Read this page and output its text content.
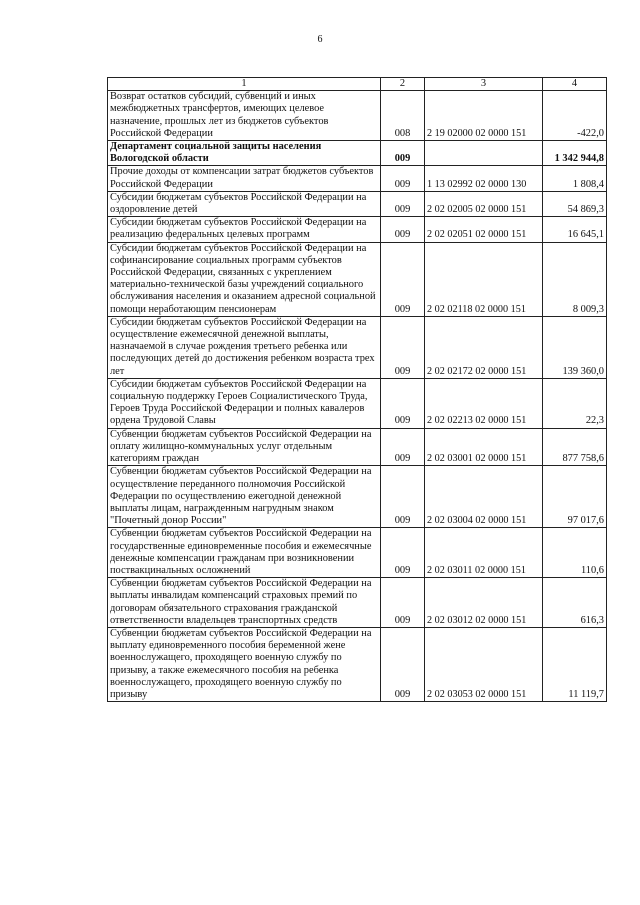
6
1	2	3	4
Возврат остатков субсидий, субвенций и иных межбюджетных трансфертов, имеющих целевое назначение, прошлых лет из бюджетов субъектов Российской Федерации	008	2 19 02000 02 0000 151	-422,0
Департамент социальной защиты населения Вологодской области	009		1 342 944,8
Прочие доходы от компенсации затрат бюджетов субъектов Российской Федерации	009	1 13 02992 02 0000 130	1 808,4
Субсидии бюджетам субъектов Российской Федерации на оздоровление детей	009	2 02 02005 02 0000 151	54 869,3
Субсидии бюджетам субъектов Российской Федерации на реализацию федеральных целевых программ	009	2 02 02051 02 0000 151	16 645,1
Субсидии бюджетам субъектов Российской Федерации на софинансирование социальных программ субъектов Российской Федерации, связанных с укреплением материально-технической базы учреждений социального обслуживания населения и оказанием адресной социальной помощи неработающим пенсионерам	009	2 02 02118 02 0000 151	8 009,3
Субсидии бюджетам субъектов Российской Федерации на осуществление ежемесячной денежной выплаты, назначаемой в случае рождения третьего ребенка или последующих детей до достижения ребенком возраста трех лет	009	2 02 02172 02 0000 151	139 360,0
Субсидии бюджетам субъектов Российской Федерации на социальную поддержку Героев Социалистического Труда, Героев Труда Российской Федерации и полных кавалеров ордена Трудовой Славы	009	2 02 02213 02 0000 151	22,3
Субвенции бюджетам субъектов Российской Федерации на оплату жилищно-коммунальных услуг отдельным категориям граждан	009	2 02 03001 02 0000 151	877 758,6
Субвенции бюджетам субъектов Российской Федерации на осуществление переданного полномочия Российской Федерации по осуществлению ежегодной денежной выплаты лицам, награжденным нагрудным знаком "Почетный донор России"	009	2 02 03004 02 0000 151	97 017,6
Субвенции бюджетам субъектов Российской Федерации на государственные единовременные пособия и ежемесячные денежные компенсации гражданам при возникновении поствакцинальных осложнений	009	2 02 03011 02 0000 151	110,6
Субвенции бюджетам субъектов Российской Федерации на выплаты инвалидам компенсаций страховых премий по договорам обязательного страхования гражданской ответственности владельцев транспортных средств	009	2 02 03012 02 0000 151	616,3
Субвенции бюджетам субъектов Российской Федерации на выплату единовременного пособия беременной жене военнослужащего, проходящего военную службу по призыву, а также ежемесячного пособия на ребенка военнослужащего, проходящего военную службу по призыву	009	2 02 03053 02 0000 151	11 119,7
